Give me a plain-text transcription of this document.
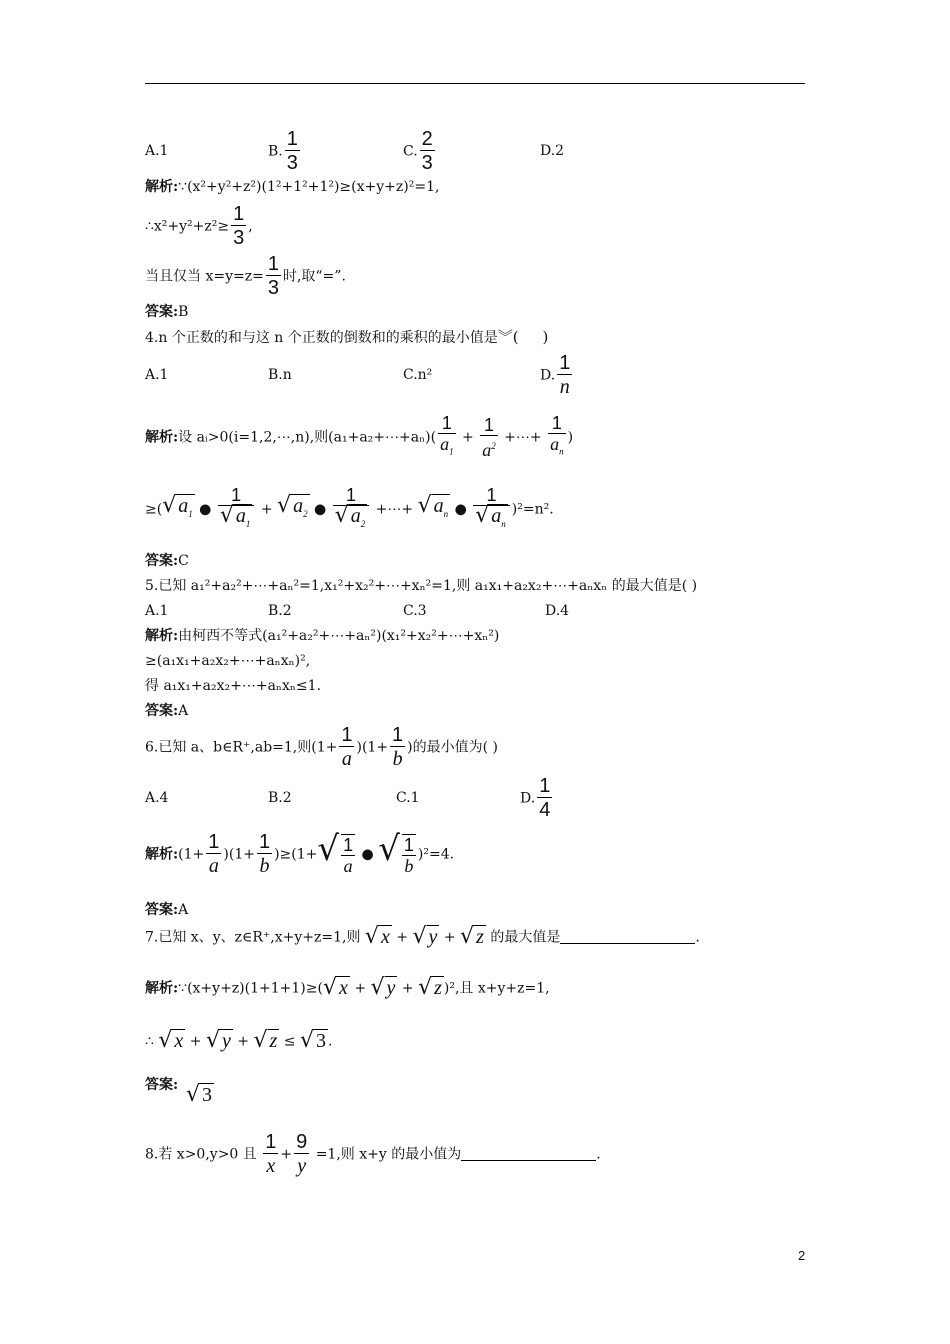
A.1	B. $\frac{1}{3}$	C. $\frac{2}{3}$	D.2
解析:∵(x²+y²+z²)(1²+1²+1²)≥(x+y+z)²=1,
∴x²+y²+z²≥ $\frac{1}{3}$ ,
当且仅当 $x=y=z= \frac{1}{3}$ 时,取“=”.
答案:B
4.n 个正数的和与这 n 个正数的倒数和的乘积的最小值是︾(     )
A.1	B.n	C.n²	D. $\frac{1}{n}$
解析:设 aᵢ>0(i=1,2,⋯,n),则(a₁+a₂+⋯+aₙ)( $\frac{1}{a_1} + \frac{1}{a^2}$ +⋯+ $\frac{1}{a_n}$ )
≥(√ $a_1$ ● $\frac{1}{√ a_1}$ + √ $a_2$ ● $\frac{1}{√ a_2}$ +⋯+ √ $a_n$ ● $\frac{1}{√ a_n} )^2=n^2$.
答案:C
5.已知 a₁²+a₂²+⋯+aₙ²=1,x₁²+x₂²+⋯+xₙ²=1,则 a₁x₁+a₂x₂+⋯+aₙxₙ 的最大值是( )
A.1	B.2	C.3	D.4
解析:由柯西不等式(a₁²+a₂²+⋯+aₙ²)(x₁²+x₂²+⋯+xₙ²)
≥(a₁x₁+a₂x₂+⋯+aₙxₙ)²,
得 a₁x₁+a₂x₂+⋯+aₙxₙ≤1.
答案:A
6.已知 a、b∈R⁺,ab=1,则$(1+ \frac{1}{a} )(1+ \frac{1}{b}$ )的最小值为( )
A.4	B.2	C.1	D. $\frac{1}{4}$
解析:(1+ $\frac{1}{a} )(1+ \frac{1}{b} )\ge(1+√ \frac{1}{a}$ ● √ $\frac{1}{b} )^2=4$.
答案:A
7.已知 x、y、z∈R⁺,x+y+z=1,则 √ x + √ y + √ z 的最大值是	.
解析:∵(x+y+z)(1+1+1)≥(√ x + √ y + √ z )²,且 x+y+z=1,
∴ √ x + √ y + √ z ≤ √ 3 .
答案: √ 3
8.若 x>0,y>0 且 $\frac{1}{x} + \frac{9}{y} =1$,则 x+y 的最小值为	.
2
